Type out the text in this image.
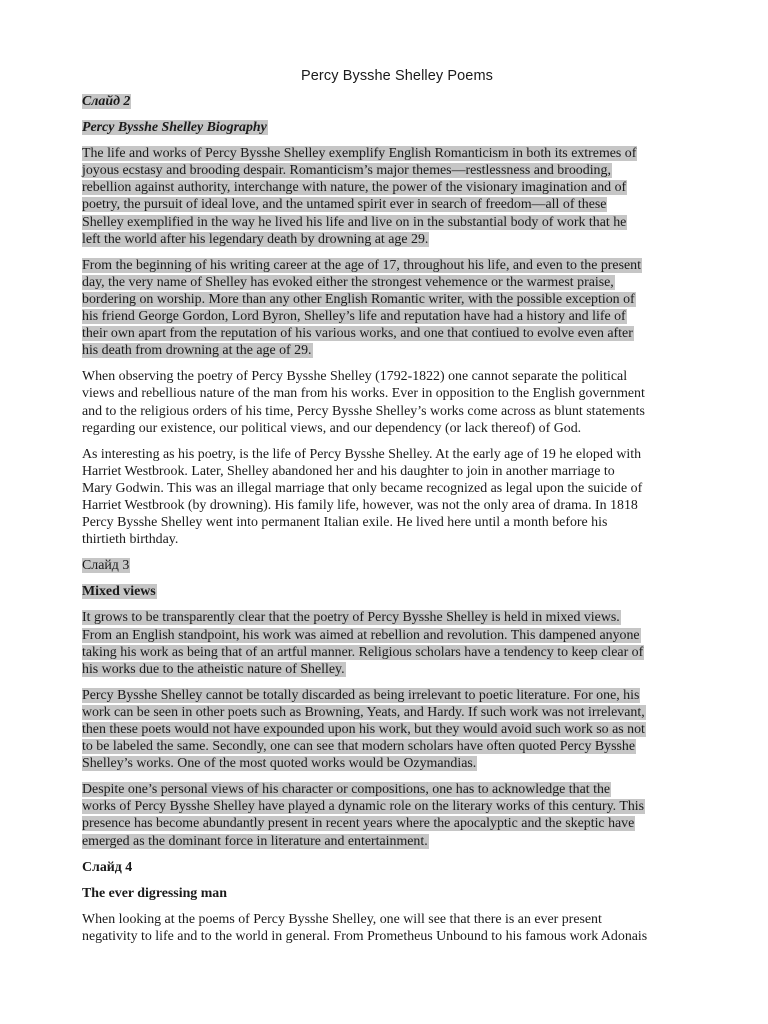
Percy Bysshe Shelley Poems
Слайд 2
Percy Bysshe Shelley Biography
The life and works of Percy Bysshe Shelley exemplify English Romanticism in both its extremes of
joyous ecstasy and brooding despair. Romanticism’s major themes—restlessness and brooding,
rebellion against authority, interchange with nature, the power of the visionary imagination and of
poetry, the pursuit of ideal love, and the untamed spirit ever in search of freedom—all of these
Shelley exemplified in the way he lived his life and live on in the substantial body of work that he
left the world after his legendary death by drowning at age 29.
From the beginning of his writing career at the age of 17, throughout his life, and even to the present
day, the very name of Shelley has evoked either the strongest vehemence or the warmest praise,
bordering on worship. More than any other English Romantic writer, with the possible exception of
his friend George Gordon, Lord Byron, Shelley’s life and reputation have had a history and life of
their own apart from the reputation of his various works, and one that contiued to evolve even after
his death from drowning at the age of 29.
When observing the poetry of Percy Bysshe Shelley (1792-1822) one cannot separate the political
views and rebellious nature of the man from his works. Ever in opposition to the English government
and to the religious orders of his time, Percy Bysshe Shelley’s works come across as blunt statements
regarding our existence, our political views, and our dependency (or lack thereof) of God.
As interesting as his poetry, is the life of Percy Bysshe Shelley. At the early age of 19 he eloped with
Harriet Westbrook. Later, Shelley abandoned her and his daughter to join in another marriage to
Mary Godwin. This was an illegal marriage that only became recognized as legal upon the suicide of
Harriet Westbrook (by drowning). His family life, however, was not the only area of drama. In 1818
Percy Bysshe Shelley went into permanent Italian exile. He lived here until a month before his
thirtieth birthday.
Слайд 3
Mixed views
It grows to be transparently clear that the poetry of Percy Bysshe Shelley is held in mixed views.
From an English standpoint, his work was aimed at rebellion and revolution. This dampened anyone
taking his work as being that of an artful manner. Religious scholars have a tendency to keep clear of
his works due to the atheistic nature of Shelley.
Percy Bysshe Shelley cannot be totally discarded as being irrelevant to poetic literature. For one, his
work can be seen in other poets such as Browning, Yeats, and Hardy. If such work was not irrelevant,
then these poets would not have expounded upon his work, but they would avoid such work so as not
to be labeled the same. Secondly, one can see that modern scholars have often quoted Percy Bysshe
Shelley’s works. One of the most quoted works would be Ozymandias.
Despite one’s personal views of his character or compositions, one has to acknowledge that the
works of Percy Bysshe Shelley have played a dynamic role on the literary works of this century. This
presence has become abundantly present in recent years where the apocalyptic and the skeptic have
emerged as the dominant force in literature and entertainment.
Слайд 4
The ever digressing man
When looking at the poems of Percy Bysshe Shelley, one will see that there is an ever present
negativity to life and to the world in general. From Prometheus Unbound to his famous work Adonais
